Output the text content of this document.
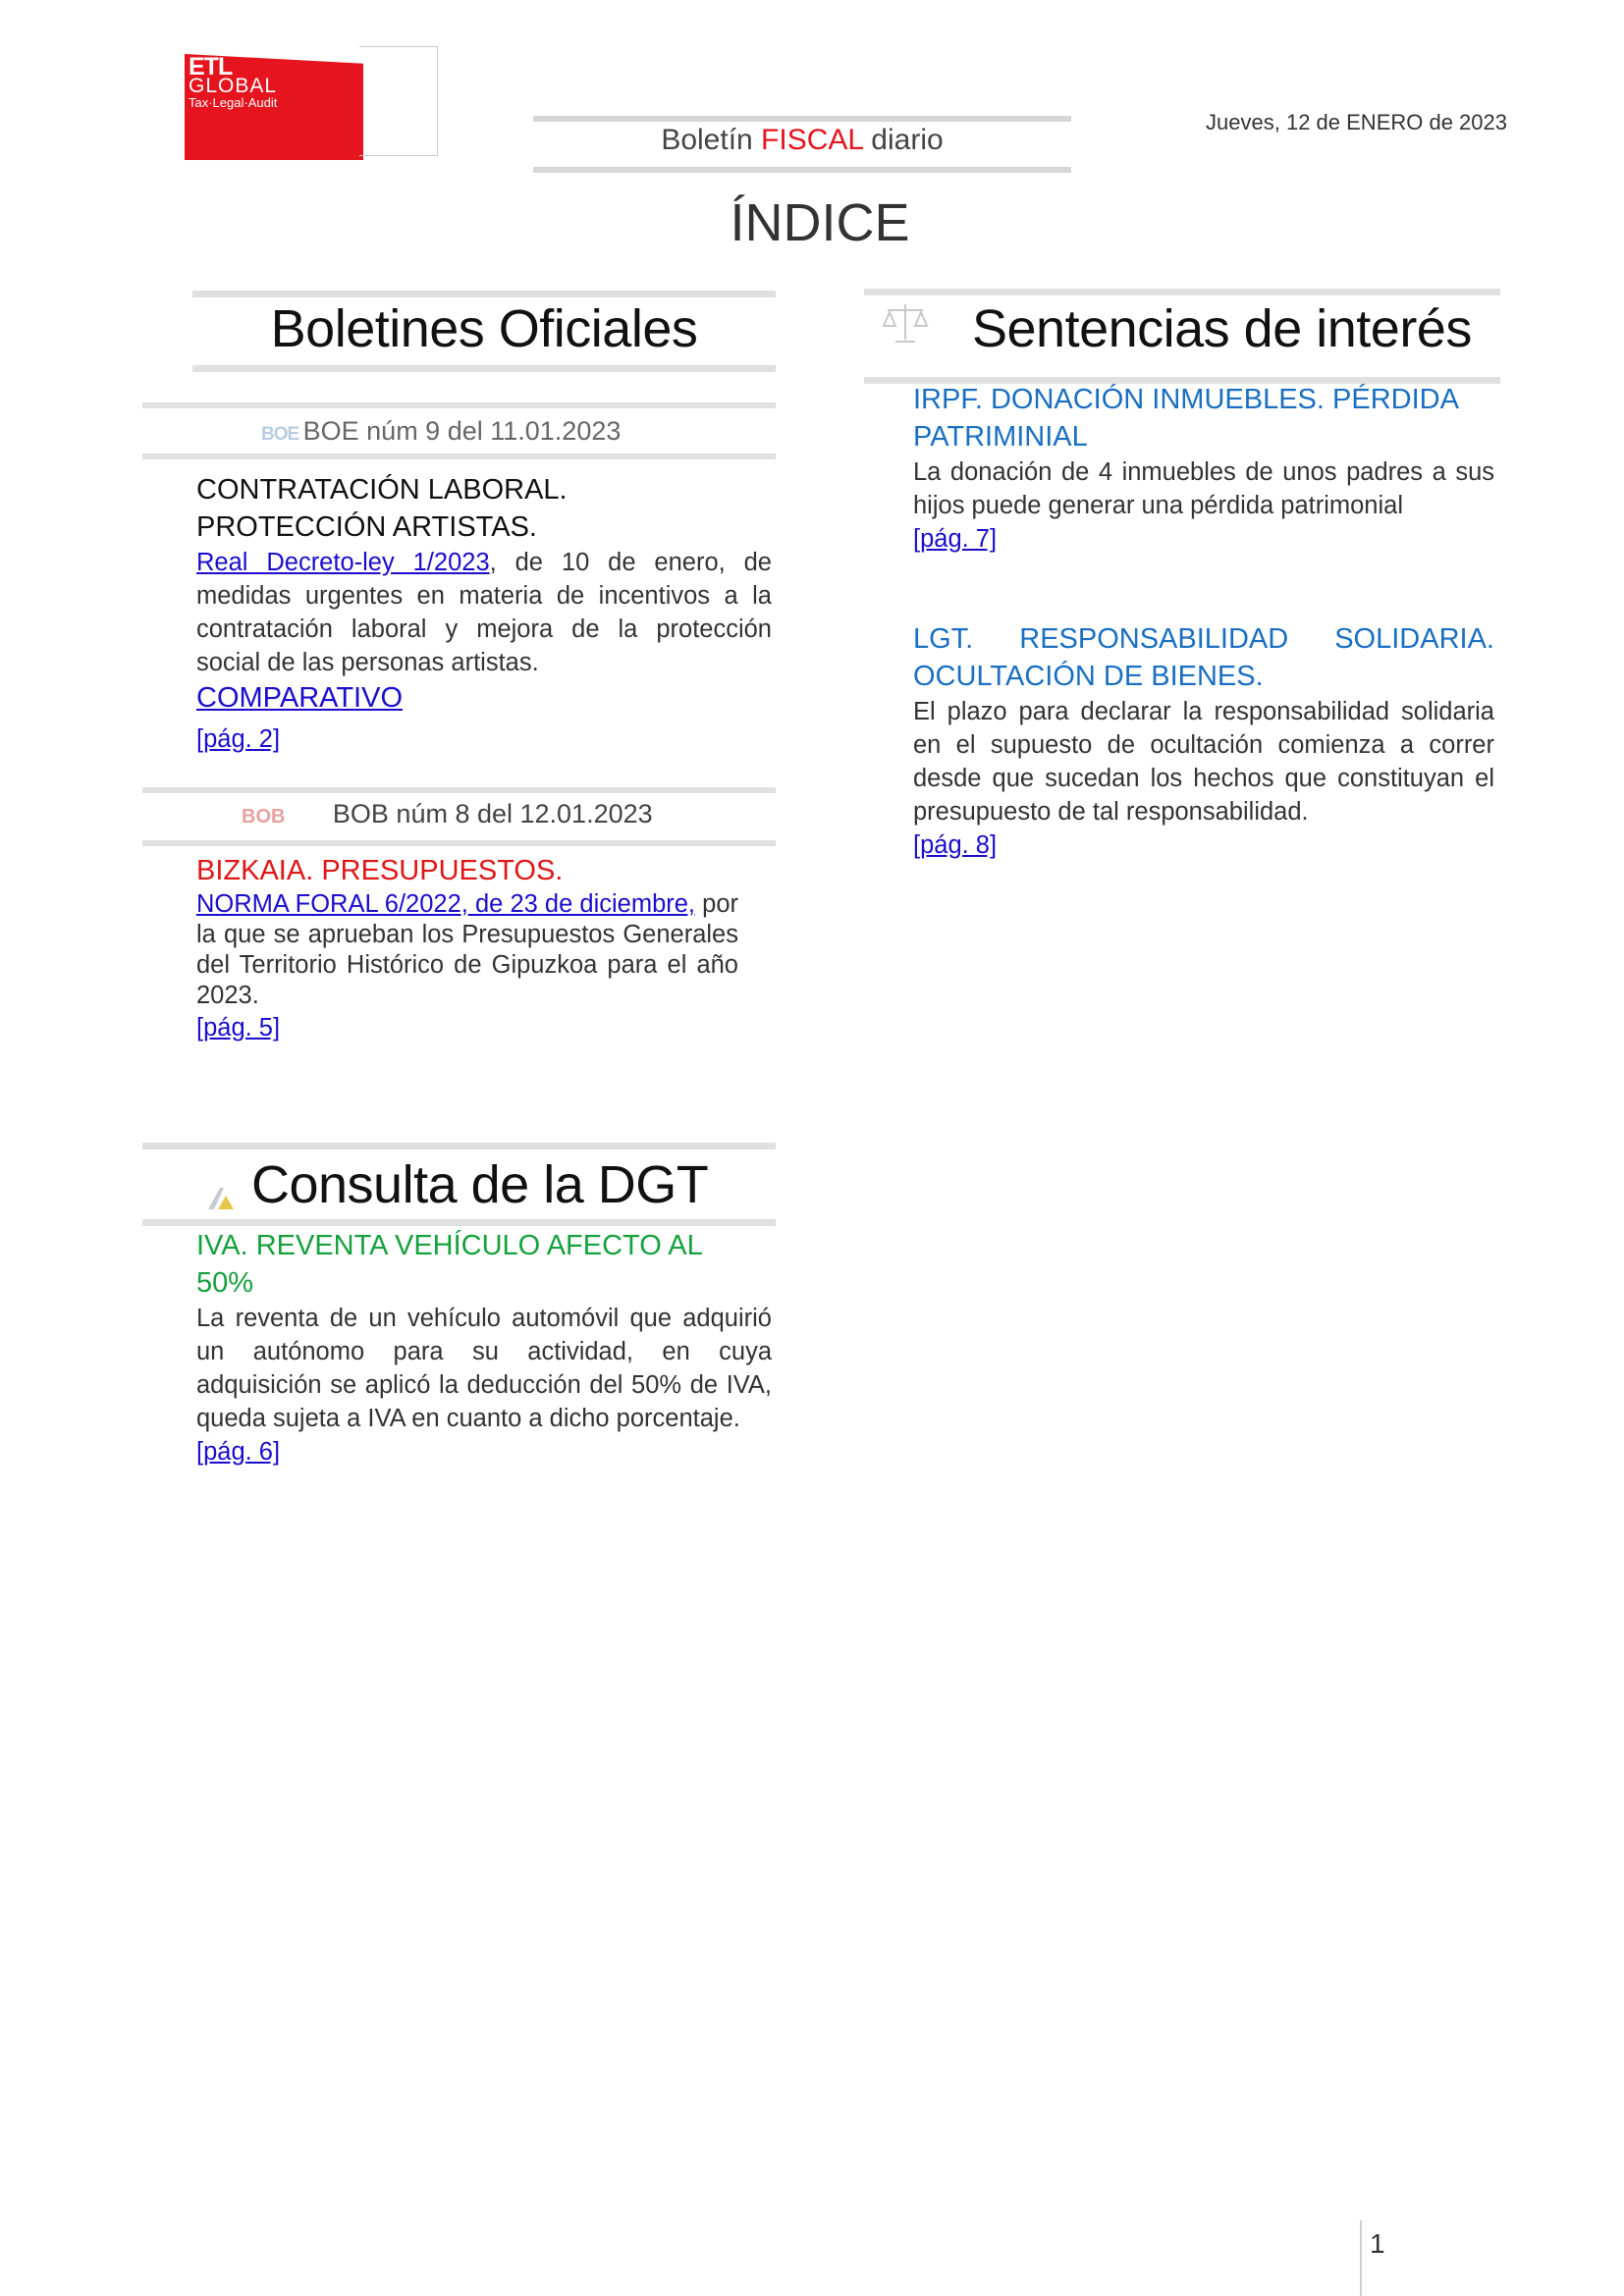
ETL
GLOBAL
Tax·Legal·Audit
Boletín FISCAL diario
Jueves, 12 de ENERO de 2023
ÍNDICE
Boletines Oficiales
BOE BOE núm 9 del 11.01.2023
CONTRATACIÓN LABORAL.
PROTECCIÓN ARTISTAS.
Real Decreto-ley 1/2023, de 10 de enero, de medidas urgentes en materia de incentivos a la contratación laboral y mejora de la protección social de las personas artistas.
COMPARATIVO
[pág. 2]
BOB BOB núm 8 del 12.01.2023
BIZKAIA. PRESUPUESTOS.
NORMA FORAL 6/2022, de 23 de diciembre, por la que se aprueban los Presupuestos Generales del Territorio Histórico de Gipuzkoa para el año 2023.
[pág. 5]
Consulta de la DGT
IVA. REVENTA VEHÍCULO AFECTO AL
50%
La reventa de un vehículo automóvil que adquirió un autónomo para su actividad, en cuya adquisición se aplicó la deducción del 50% de IVA, queda sujeta a IVA en cuanto a dicho porcentaje.
[pág. 6]
Sentencias de interés
IRPF. DONACIÓN INMUEBLES. PÉRDIDA
PATRIMINIAL
La donación de 4 inmuebles de unos padres a sus hijos puede generar una pérdida patrimonial
[pág. 7]
LGT. RESPONSABILIDAD SOLIDARIA.
OCULTACIÓN DE BIENES.
El plazo para declarar la responsabilidad solidaria en el supuesto de ocultación comienza a correr desde que sucedan los hechos que constituyan el presupuesto de tal responsabilidad.
[pág. 8]
1
